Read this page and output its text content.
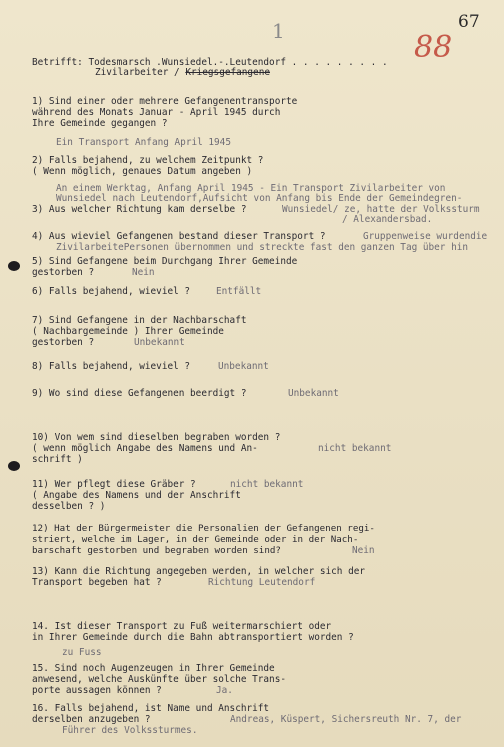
67
1	88
Betrifft: Todesmarsch .Wunsiedel.-.Leutendorf . . . . . . . . .
Zivilarbeiter / Kriegsgefangene
1) Sind einer oder mehrere Gefangenentransporte
während des Monats Januar - April 1945 durch
Ihre Gemeinde gegangen ?
Ein Transport Anfang April 1945
2) Falls bejahend, zu welchem Zeitpunkt ?
( Wenn möglich, genaues Datum angeben )
An einem Werktag, Anfang April 1945 - Ein Transport Zivilarbeiter von
Wunsiedel nach Leutendorf,Aufsicht von Anfang bis Ende der Gemeindegren-
3) Aus welcher Richtung kam derselbe ?	Wunsiedel/ ze, hatte der Volkssturm
/ Alexandersbad.
4) Aus wieviel Gefangenen bestand dieser Transport ?	Gruppenweise wurdendie
ZivilarbeitePersonen übernommen und streckte fast den ganzen Tag über hin
5) Sind Gefangene beim Durchgang Ihrer Gemeinde
gestorben ?	Nein
6) Falls bejahend, wieviel ?	Entfällt
7) Sind Gefangene in der Nachbarschaft
( Nachbargemeinde ) Ihrer Gemeinde
gestorben ?	Unbekannt
8) Falls bejahend, wieviel ?	Unbekannt
9) Wo sind diese Gefangenen beerdigt ?	Unbekannt
10) Von wem sind dieselben begraben worden ?
( wenn möglich Angabe des Namens und An-
schrift )
nicht bekannt
11) Wer pflegt diese Gräber ?
( Angabe des Namens und der Anschrift
desselben ? )
nicht bekannt
12) Hat der Bürgermeister die Personalien der Gefangenen regi-
striert, welche im Lager, in der Gemeinde oder in der Nach-
barschaft gestorben und begraben worden sind?	Nein
13) Kann die Richtung angegeben werden, in welcher sich der
Transport begeben hat ?	Richtung Leutendorf
14. Ist dieser Transport zu Fuß weitermarschiert oder
in Ihrer Gemeinde durch die Bahn abtransportiert worden ?
zu Fuss
15. Sind noch Augenzeugen in Ihrer Gemeinde
anwesend, welche Auskünfte über solche Trans-
porte aussagen können ?	Ja.
16. Falls bejahend, ist Name und Anschrift
derselben anzugeben ?	Andreas, Küspert, Sichersreuth Nr. 7, der
Führer des Volkssturmes.
